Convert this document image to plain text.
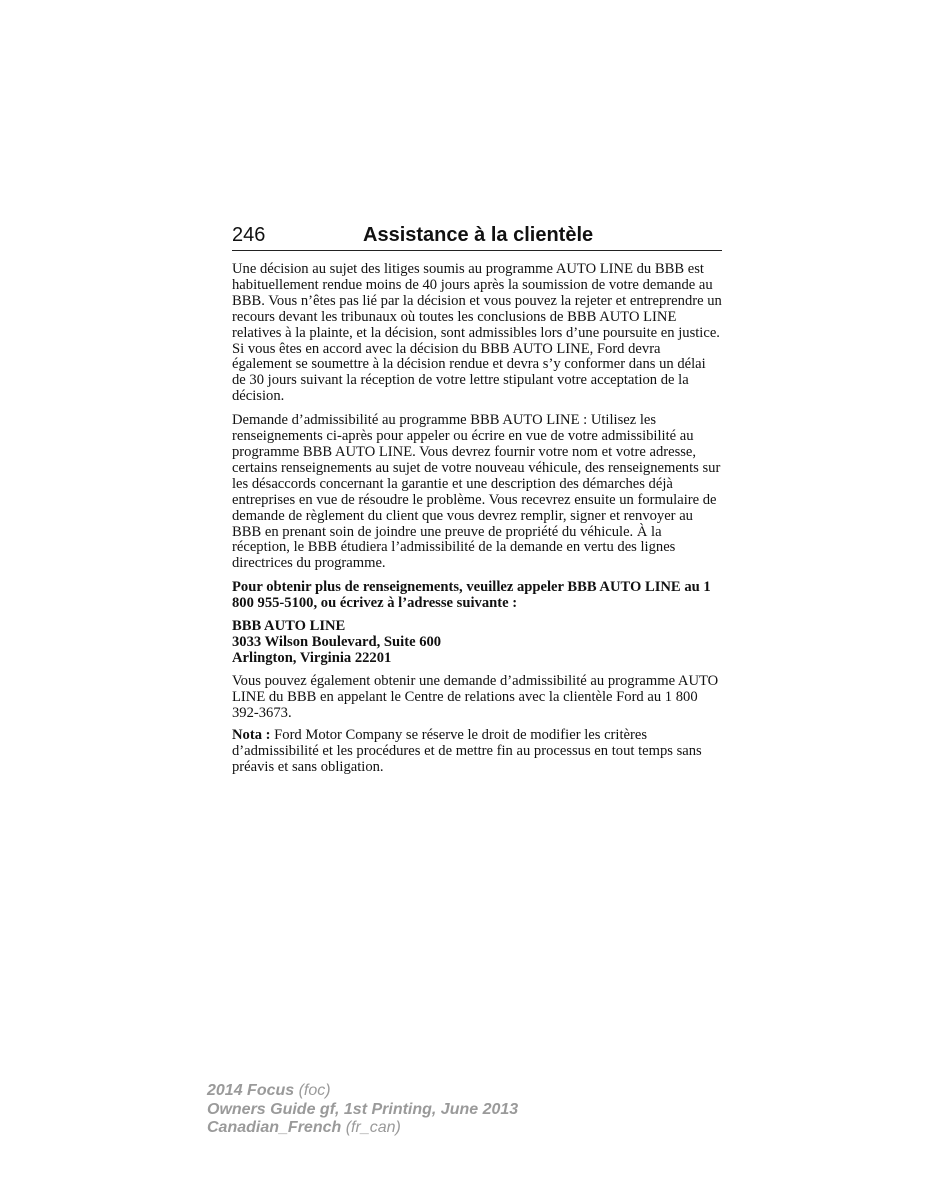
246	Assistance à la clientèle

Une décision au sujet des litiges soumis au programme AUTO LINE du BBB est habituellement rendue moins de 40 jours après la soumission de votre demande au BBB. Vous n’êtes pas lié par la décision et vous pouvez la rejeter et entreprendre un recours devant les tribunaux où toutes les conclusions de BBB AUTO LINE relatives à la plainte, et la décision, sont admissibles lors d’une poursuite en justice. Si vous êtes en accord avec la décision du BBB AUTO LINE, Ford devra également se soumettre à la décision rendue et devra s’y conformer dans un délai de 30 jours suivant la réception de votre lettre stipulant votre acceptation de la décision.

Demande d’admissibilité au programme BBB AUTO LINE : Utilisez les renseignements ci-après pour appeler ou écrire en vue de votre admissibilité au programme BBB AUTO LINE. Vous devrez fournir votre nom et votre adresse, certains renseignements au sujet de votre nouveau véhicule, des renseignements sur les désaccords concernant la garantie et une description des démarches déjà entreprises en vue de résoudre le problème. Vous recevrez ensuite un formulaire de demande de règlement du client que vous devrez remplir, signer et renvoyer au BBB en prenant soin de joindre une preuve de propriété du véhicule. À la réception, le BBB étudiera l’admissibilité de la demande en vertu des lignes directrices du programme.

Pour obtenir plus de renseignements, veuillez appeler BBB AUTO LINE au 1 800 955-5100, ou écrivez à l’adresse suivante :

BBB AUTO LINE
3033 Wilson Boulevard, Suite 600
Arlington, Virginia 22201

Vous pouvez également obtenir une demande d’admissibilité au programme AUTO LINE du BBB en appelant le Centre de relations avec la clientèle Ford au 1 800 392-3673.

Nota : Ford Motor Company se réserve le droit de modifier les critères d’admissibilité et les procédures et de mettre fin au processus en tout temps sans préavis et sans obligation.

2014 Focus (foc)
Owners Guide gf, 1st Printing, June 2013
Canadian_French (fr_can)
